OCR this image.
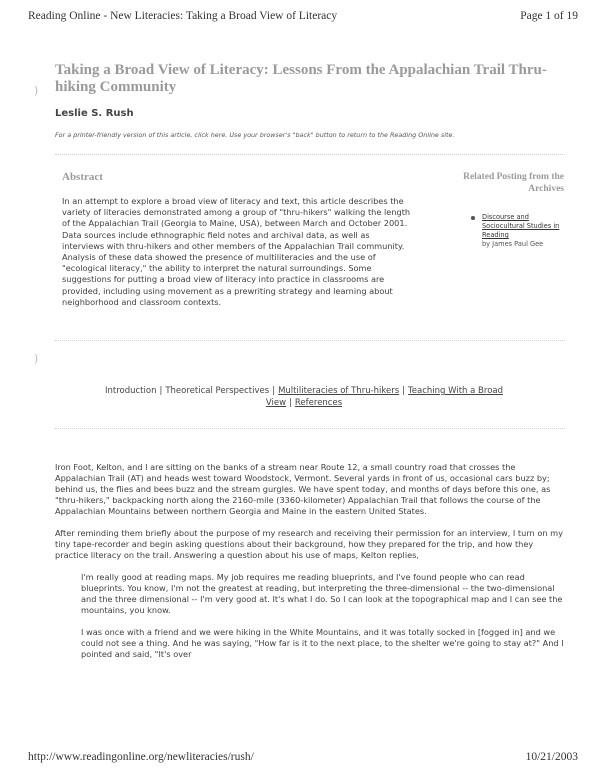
Reading Online - New Literacies: Taking a Broad View of Literacy	Page 1 of 19
)
Taking a Broad View of Literacy: Lessons From the Appalachian Trail Thru-hiking Community
Leslie S. Rush
For a printer-friendly version of this article, click here. Use your browser's "back" button to return to the Reading Online site.
Abstract

In an attempt to explore a broad view of literacy and text, this article describes the variety of literacies demonstrated among a group of "thru-hikers" walking the length of the Appalachian Trail (Georgia to Maine, USA), between March and October 2001. Data sources include ethnographic field notes and archival data, as well as interviews with thru-hikers and other members of the Appalachian Trail community. Analysis of these data showed the presence of multiliteracies and the use of "ecological literacy," the ability to interpret the natural surroundings. Some suggestions for putting a broad view of literacy into practice in classrooms are provided, including using movement as a prewriting strategy and learning about neighborhood and classroom contexts.

Related Posting from the Archives
Discourse and Sociocultural Studies in Reading
by James Paul Gee
)
Introduction | Theoretical Perspectives | Multiliteracies of Thru-hikers | Teaching With a Broad View | References

Iron Foot, Kelton, and I are sitting on the banks of a stream near Route 12, a small country road that crosses the Appalachian Trail (AT) and heads west toward Woodstock, Vermont. Several yards in front of us, occasional cars buzz by; behind us, the flies and bees buzz and the stream gurgles. We have spent today, and months of days before this one, as "thru-hikers," backpacking north along the 2160-mile (3360-kilometer) Appalachian Trail that follows the course of the Appalachian Mountains between northern Georgia and Maine in the eastern United States.

After reminding them briefly about the purpose of my research and receiving their permission for an interview, I turn on my tiny tape-recorder and begin asking questions about their background, how they prepared for the trip, and how they practice literacy on the trail. Answering a question about his use of maps, Kelton replies,

I'm really good at reading maps. My job requires me reading blueprints, and I've found people who can read blueprints. You know, I'm not the greatest at reading, but interpreting the three-dimensional -- the two-dimensional and the three dimensional -- I'm very good at. It's what I do. So I can look at the topographical map and I can see the mountains, you know.
I was once with a friend and we were hiking in the White Mountains, and it was totally socked in [fogged in] and we could not see a thing. And he was saying, "How far is it to the next place, to the shelter we're going to stay at?" And I pointed and said, "It's over
http://www.readingonline.org/newliteracies/rush/	10/21/2003
